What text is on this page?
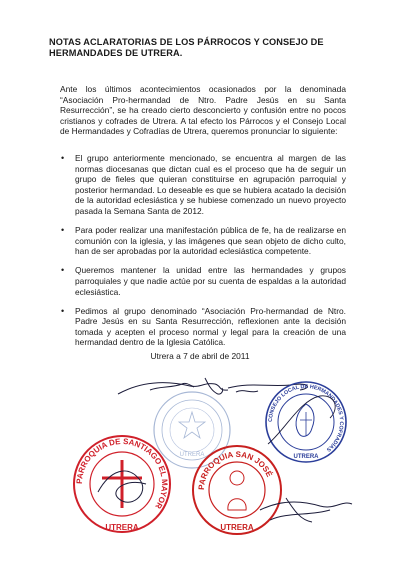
NOTAS ACLARATORIAS DE LOS PÁRROCOS Y CONSEJO DE HERMANDADES DE UTRERA.
Ante los últimos acontecimientos ocasionados por la denominada “Asociación Pro-hermandad de Ntro. Padre Jesús en su Santa Resurrección”, se ha creado cierto desconcierto y confusión entre no pocos cristianos y cofrades de Utrera. A tal efecto los Párrocos y el Consejo Local de Hermandades y Cofradías de Utrera, queremos pronunciar lo siguiente:
• El grupo anteriormente mencionado, se encuentra al margen de las normas diocesanas que dictan cual es el proceso que ha de seguir un grupo de fieles que quieran constituirse en agrupación parroquial y posterior hermandad. Lo deseable es que se hubiera acatado la decisión de la autoridad eclesiástica y se hubiese comenzado un nuevo proyecto pasada la Semana Santa de 2012.
• Para poder realizar una manifestación pública de fe, ha de realizarse en comunión con la iglesia, y las imágenes que sean objeto de dicho culto, han de ser aprobadas por la autoridad eclesiástica competente.
• Queremos mantener la unidad entre las hermandades y grupos parroquiales y que nadie actúe por su cuenta de espaldas a la autoridad eclesiástica.
• Pedimos al grupo denominado “Asociación Pro-hermandad de Ntro. Padre Jesús en su Santa Resurrección, reflexionen ante la decisión tomada y acepten el proceso normal y legal para la creación de una hermandad dentro de la Iglesia Católica.
Utrera a 7 de abril de 2011
UTRERA
CONSEJO LOCAL DE HERMANDADES Y COFRADÍAS
UTRERA
PARROQUIA DE SANTIAGO EL MAYOR
UTRERA
PARROQUIA SAN JOSÉ
UTRERA
